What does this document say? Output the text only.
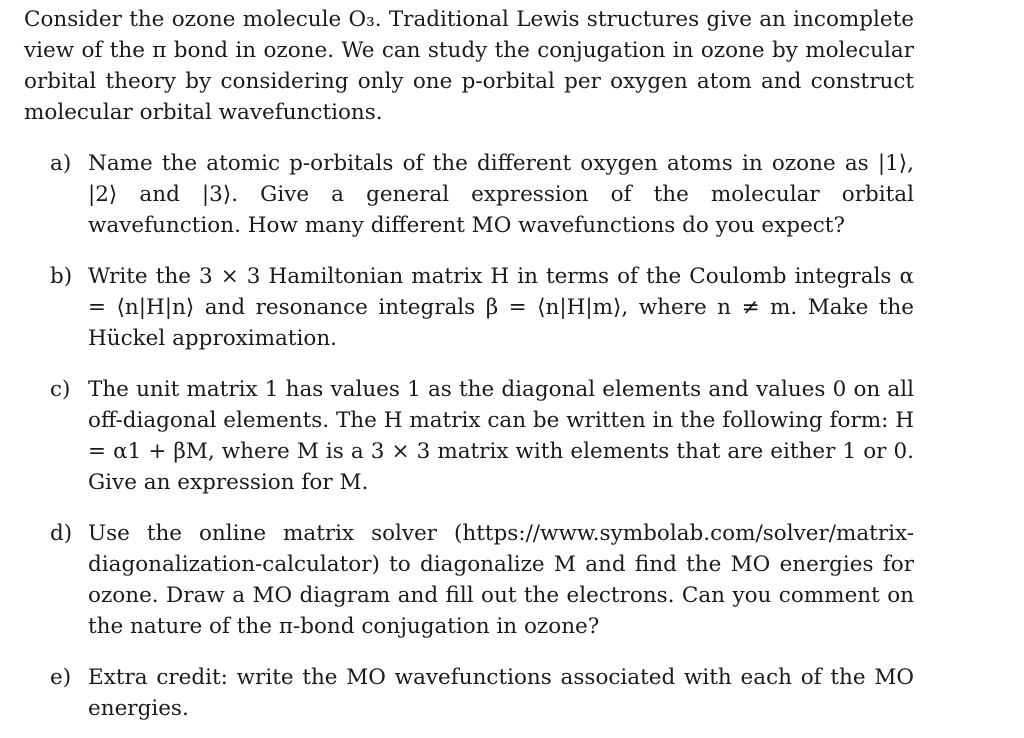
Consider the ozone molecule O₃. Traditional Lewis structures give an incomplete view of the π bond in ozone. We can study the conjugation in ozone by molecular orbital theory by considering only one p-orbital per oxygen atom and construct molecular orbital wavefunctions.

a) Name the atomic p-orbitals of the different oxygen atoms in ozone as |1⟩, |2⟩ and |3⟩. Give a general expression of the molecular orbital wavefunction. How many different MO wavefunctions do you expect?
b) Write the 3 × 3 Hamiltonian matrix H in terms of the Coulomb integrals α = ⟨n|H|n⟩ and resonance integrals β = ⟨n|H|m⟩, where n ≠ m. Make the Hückel approximation.
c) The unit matrix 1 has values 1 as the diagonal elements and values 0 on all off-diagonal elements. The H matrix can be written in the following form: H = α1 + βM, where M is a 3 × 3 matrix with elements that are either 1 or 0. Give an expression for M.
d) Use the online matrix solver (https://www.symbolab.com/solver/matrix-diagonalization-calculator) to diagonalize M and find the MO energies for ozone. Draw a MO diagram and fill out the electrons. Can you comment on the nature of the π-bond conjugation in ozone?
e) Extra credit: write the MO wavefunctions associated with each of the MO energies.
